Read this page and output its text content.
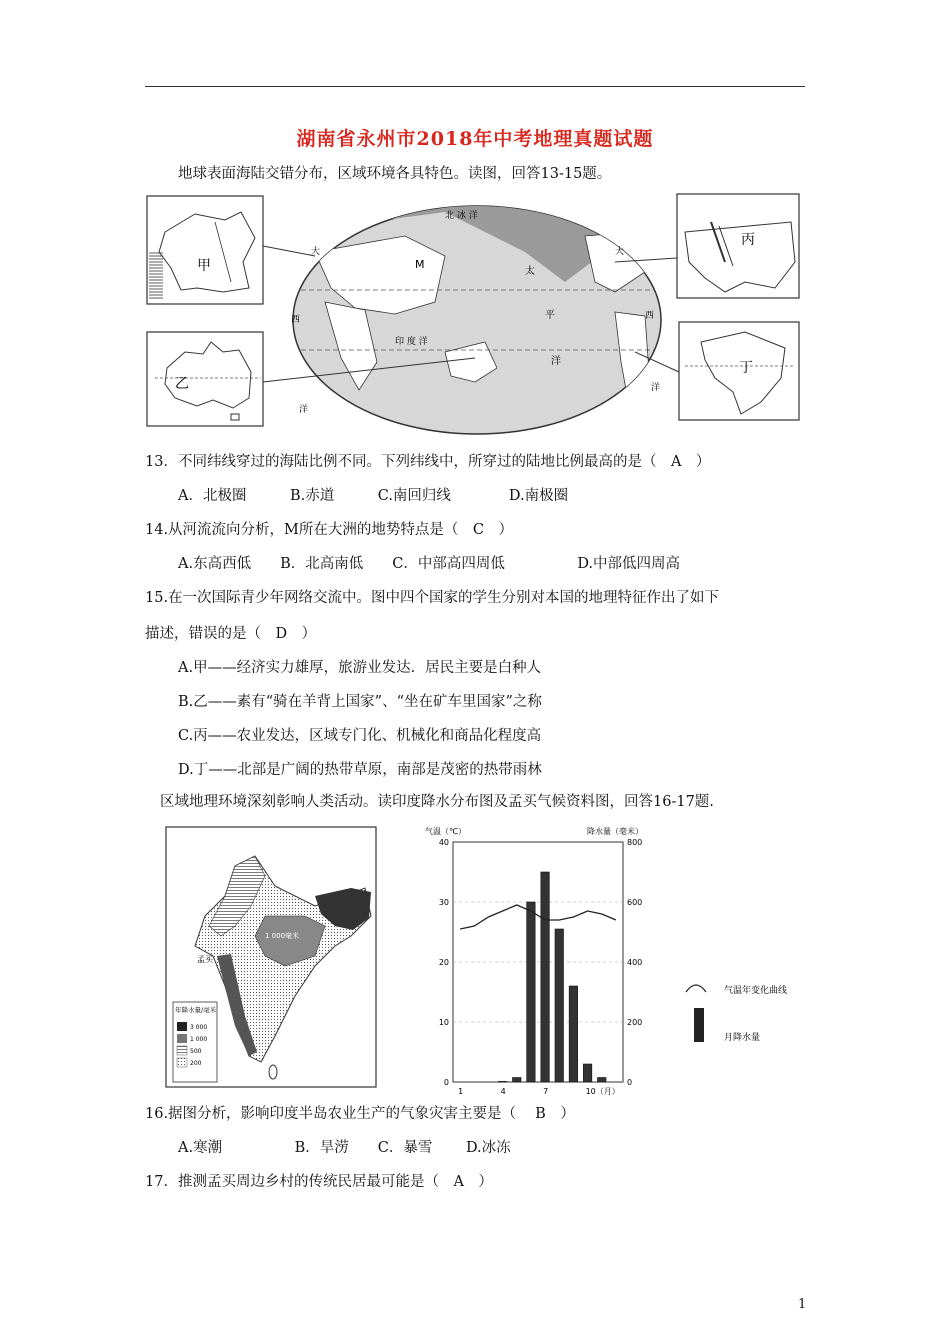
湖南省永州市2018年中考地理真题试题
地球表面海陆交错分布，区域环境各具特色。读图，回答13-15题。
甲
乙
北 冰 洋
M
太
平
洋
大
西
洋
印 度 洋
大
西
洋
丙
丁
13．不同纬线穿过的海陆比例不同。下列纬线中，所穿过的陆地比例最高的是（　A　）
A．北极圈　　　B.赤道　　　C.南回归线　　　　D.南极圈
14.从河流流向分析，M所在大洲的地势特点是（　C　）
A.东高西低　　B．北高南低　　C．中部高四周低　　　　　D.中部低四周高
15.在一次国际青少年网络交流中。图中四个国家的学生分别对本国的地理特征作出了如下
描述，错误的是（　D　）
A.甲——经济实力雄厚，旅游业发达．居民主要是白种人
B.乙——素有“骑在羊背上国家”、“坐在矿车里国家”之称
C.丙——农业发达，区域专门化、机械化和商品化程度高
D.丁——北部是广阔的热带草原，南部是茂密的热帯雨林
区域地理环境深刻彰响人类活动。读印度降水分布图及孟买气候资料图，回答16-17题.
孟买
1 000毫米
年降水量/毫米
3 000
1 000
500
200
气温（℃）	降水量（毫米）
0
10
20
30
40
0
200
400
600
800
1	4	7	10（月）
气温年变化曲线
月降水量
16.据图分析，影响印度半岛农业生产的气象灾害主要是（　 B　）
A.寒潮　　　　　B．旱涝　　C．暴雪　　 D.冰冻
17．推测孟买周边乡村的传统民居最可能是（　A　）
1
